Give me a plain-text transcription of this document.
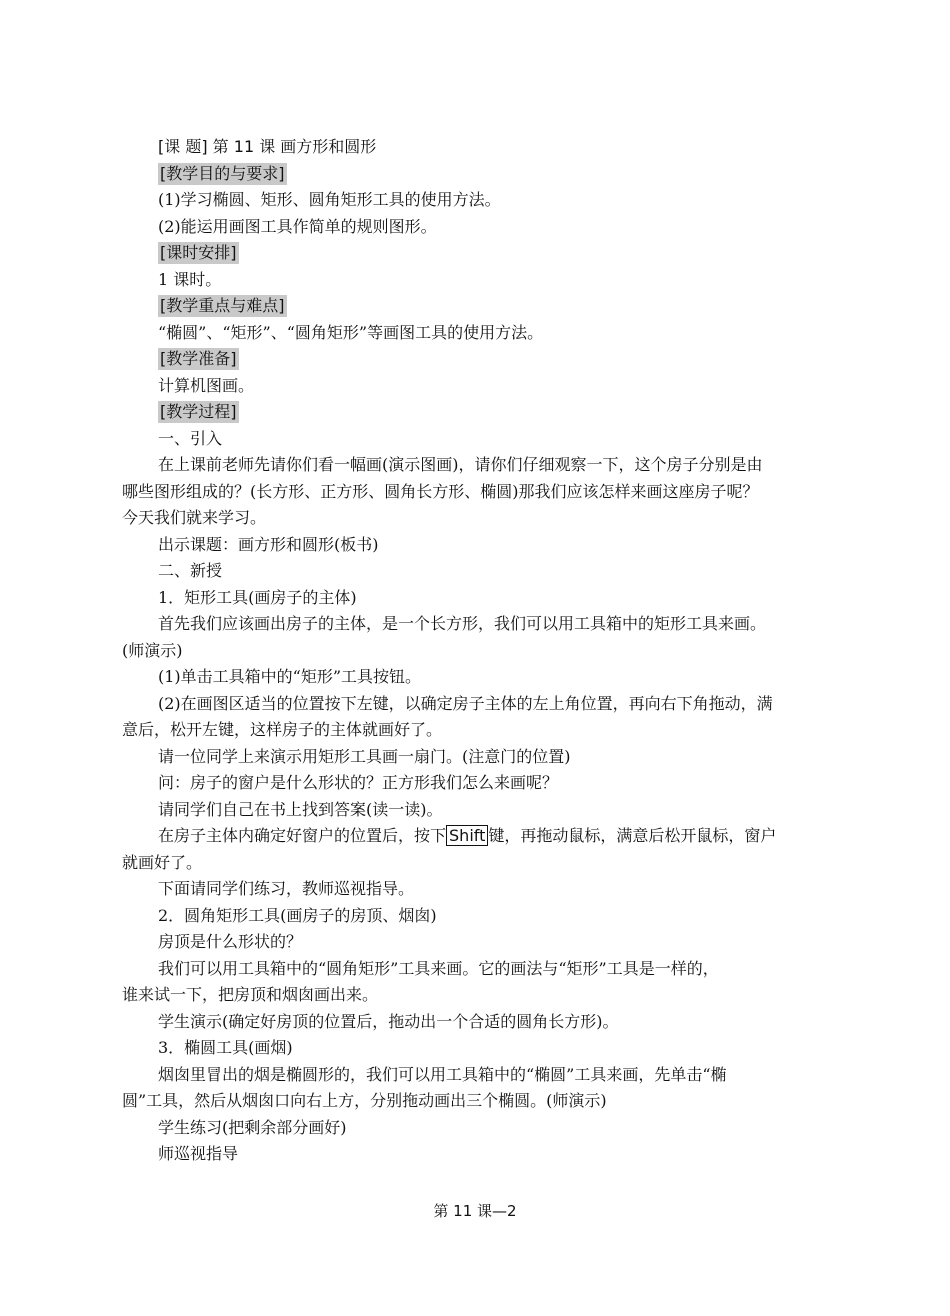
[课 题] 第 11 课 画方形和圆形
[教学目的与要求]
(1)学习椭圆、矩形、圆角矩形工具的使用方法。
(2)能运用画图工具作简单的规则图形。
[课时安排]
1 课时。
[教学重点与难点]
“椭圆”、“矩形”、“圆角矩形”等画图工具的使用方法。
[教学准备]
计算机图画。
[教学过程]
一、引入
在上课前老师先请你们看一幅画(演示图画)，请你们仔细观察一下，这个房子分别是由
哪些图形组成的？(长方形、正方形、圆角长方形、椭圆)那我们应该怎样来画这座房子呢？
今天我们就来学习。
出示课题：画方形和圆形(板书)
二、新授
1．矩形工具(画房子的主体)
首先我们应该画出房子的主体，是一个长方形，我们可以用工具箱中的矩形工具来画。
(师演示)
(1)单击工具箱中的“矩形”工具按钮。
(2)在画图区适当的位置按下左键，以确定房子主体的左上角位置，再向右下角拖动，满
意后，松开左键，这样房子的主体就画好了。
请一位同学上来演示用矩形工具画一扇门。(注意门的位置)
问：房子的窗户是什么形状的？正方形我们怎么来画呢？
请同学们自己在书上找到答案(读一读)。
在房子主体内确定好窗户的位置后，按下 Shift 键，再拖动鼠标，满意后松开鼠标，窗户
就画好了。
下面请同学们练习，教师巡视指导。
2．圆角矩形工具(画房子的房顶、烟囱)
房顶是什么形状的？
我们可以用工具箱中的“圆角矩形”工具来画。它的画法与“矩形”工具是一样的，
谁来试一下，把房顶和烟囱画出来。
学生演示(确定好房顶的位置后，拖动出一个合适的圆角长方形)。
3．椭圆工具(画烟)
烟囱里冒出的烟是椭圆形的，我们可以用工具箱中的“椭圆”工具来画，先单击“椭
圆”工具，然后从烟囱口向右上方，分别拖动画出三个椭圆。(师演示)
学生练习(把剩余部分画好)
师巡视指导
第 11 课—2
